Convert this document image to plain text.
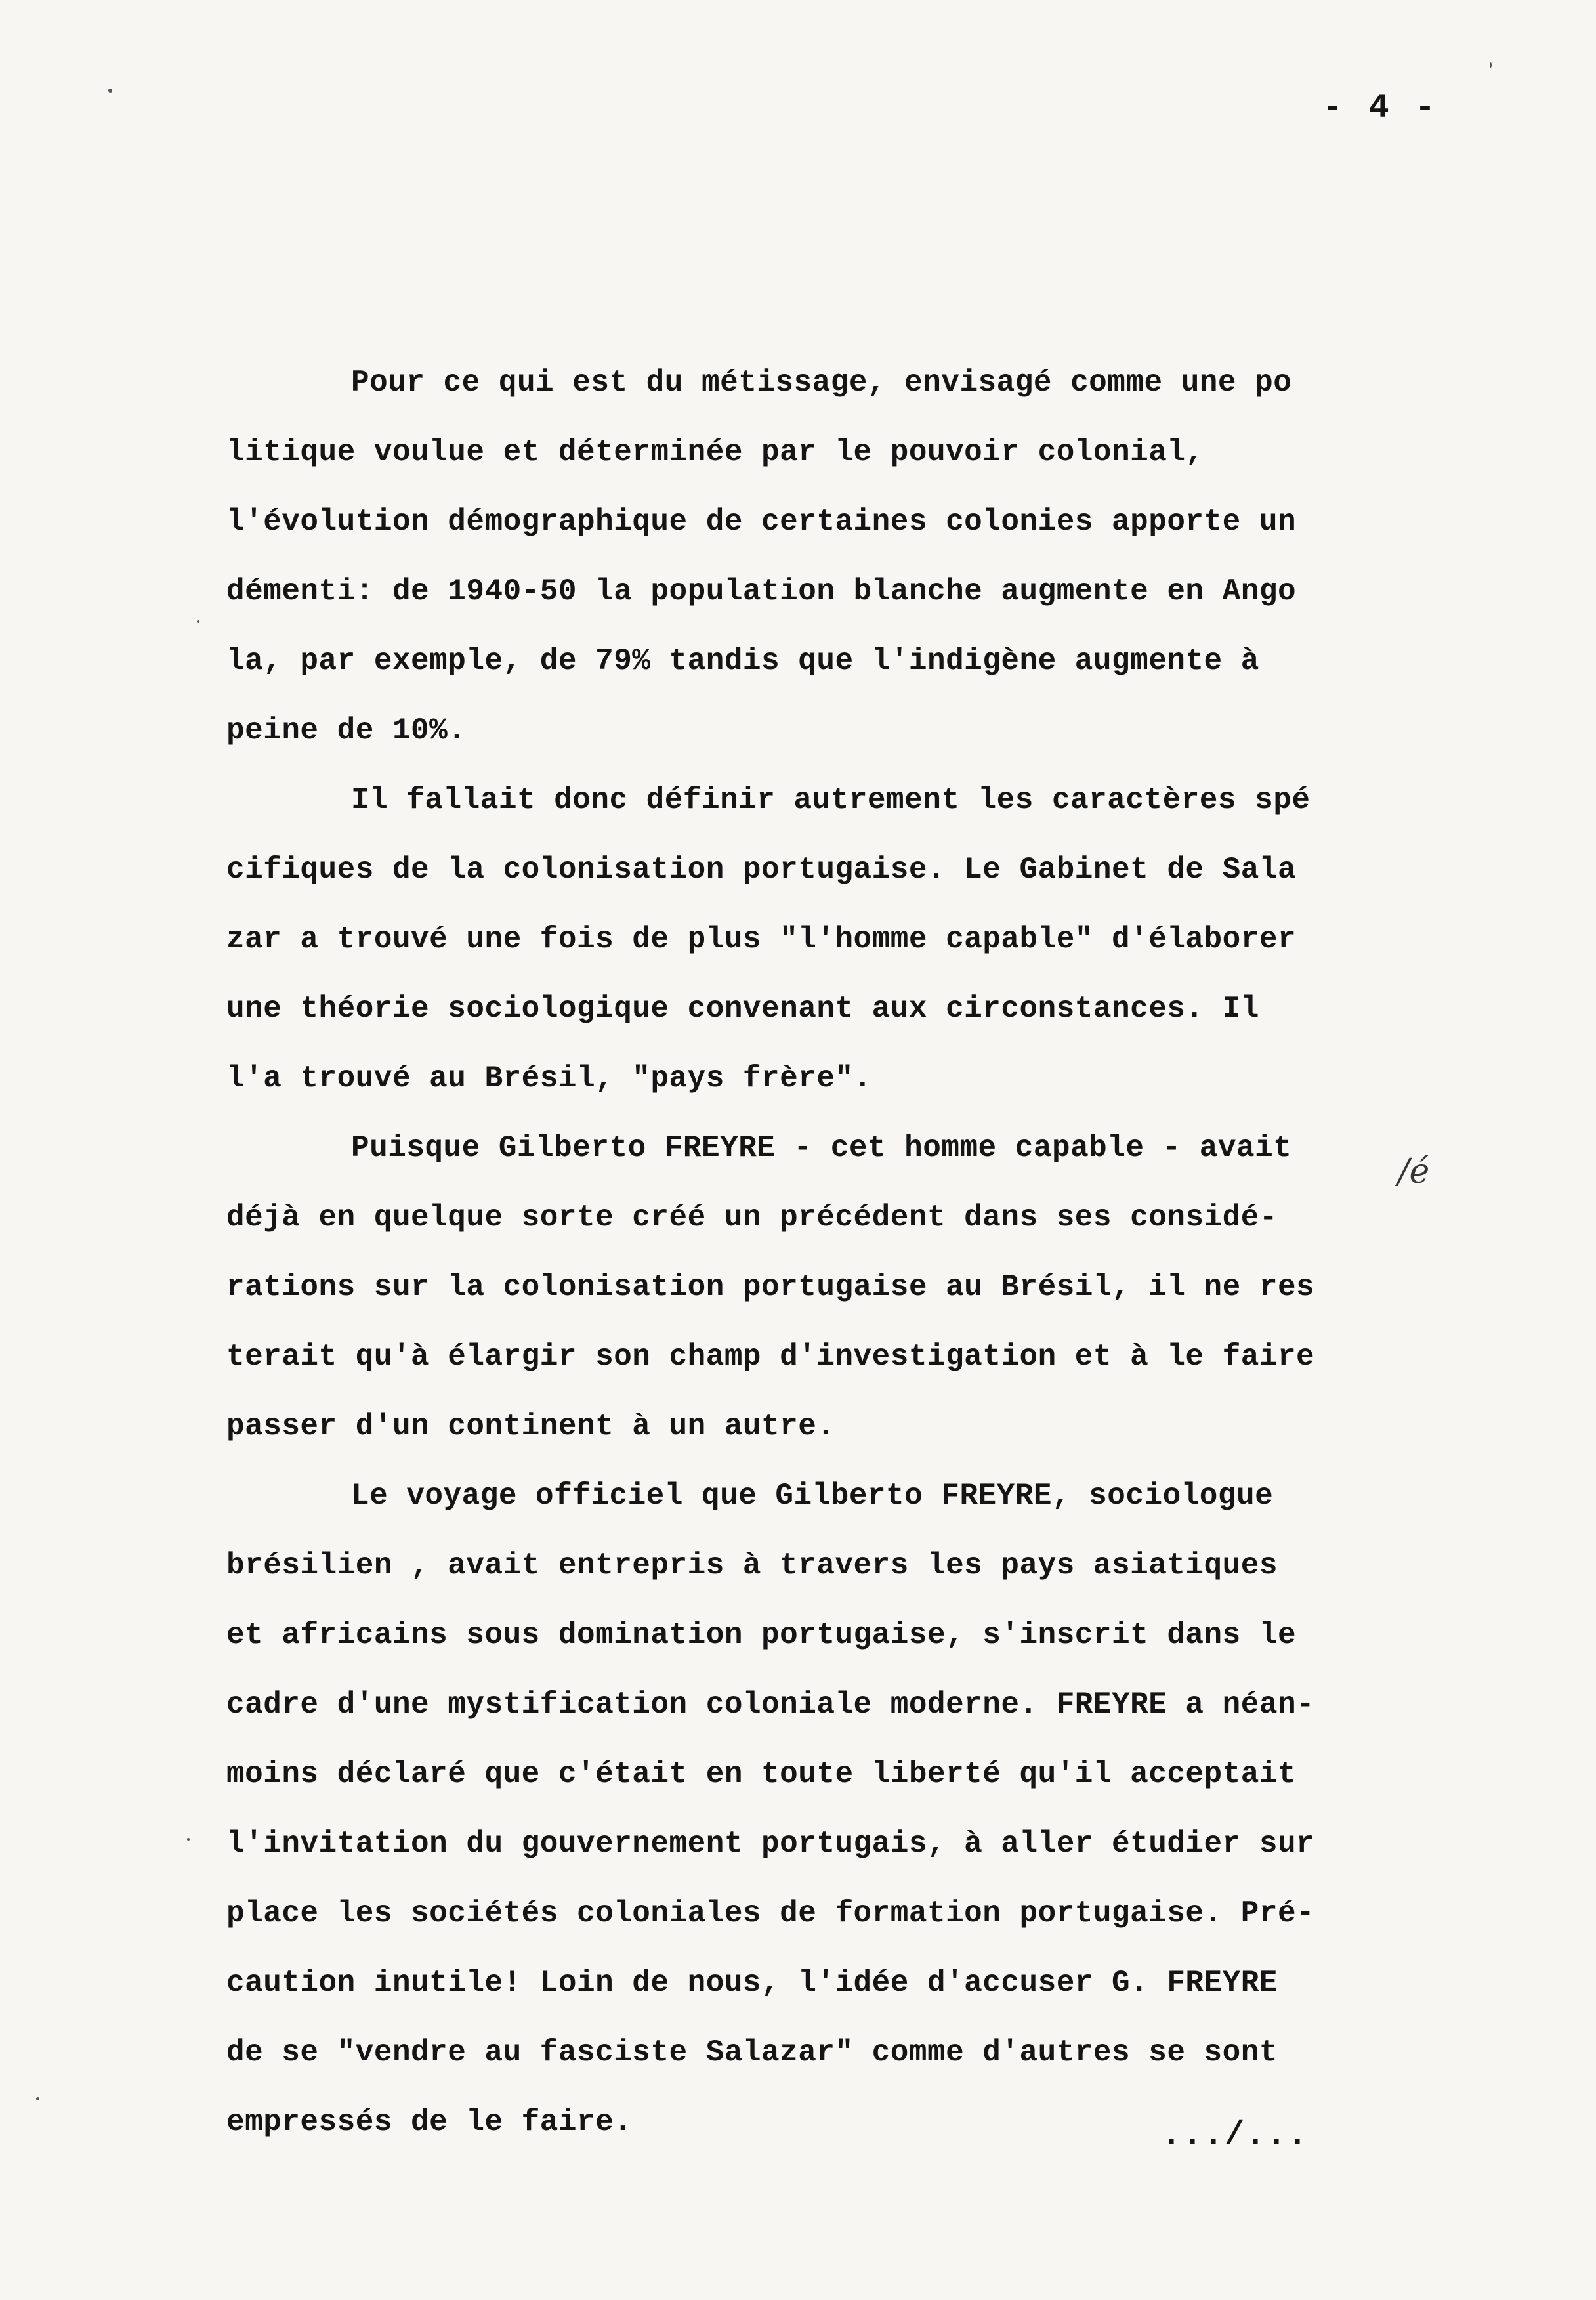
- 4 -
Pour ce qui est du métissage, envisagé comme une po
litique voulue et déterminée par le pouvoir colonial,
l'évolution démographique de certaines colonies apporte un
démenti: de 1940-50 la population blanche augmente en Ango
la, par exemple, de 79% tandis que l'indigène augmente à
peine de 10%.
Il fallait donc définir autrement les caractères spé
cifiques de la colonisation portugaise. Le Gabinet de Sala
zar a trouvé une fois de plus "l'homme capable" d'élaborer
une théorie sociologique convenant aux circonstances. Il
l'a trouvé au Brésil, "pays frère".
Puisque Gilberto FREYRE - cet homme capable - avait
déjà en quelque sorte créé un précédent dans ses considé-
rations sur la colonisation portugaise au Brésil, il ne res
terait qu'à élargir son champ d'investigation et à le faire
passer d'un continent à un autre.
Le voyage officiel que Gilberto FREYRE, sociologue
brésilien , avait entrepris à travers les pays asiatiques
et africains sous domination portugaise, s'inscrit dans le
cadre d'une mystification coloniale moderne. FREYRE a néan-
moins déclaré que c'était en toute liberté qu'il acceptait
l'invitation du gouvernement portugais, à aller étudier sur
place les sociétés coloniales de formation portugaise. Pré-
caution inutile! Loin de nous, l'idée d'accuser G. FREYRE
de se "vendre au fasciste Salazar" comme d'autres se sont
empressés de le faire.
/é
.../...
